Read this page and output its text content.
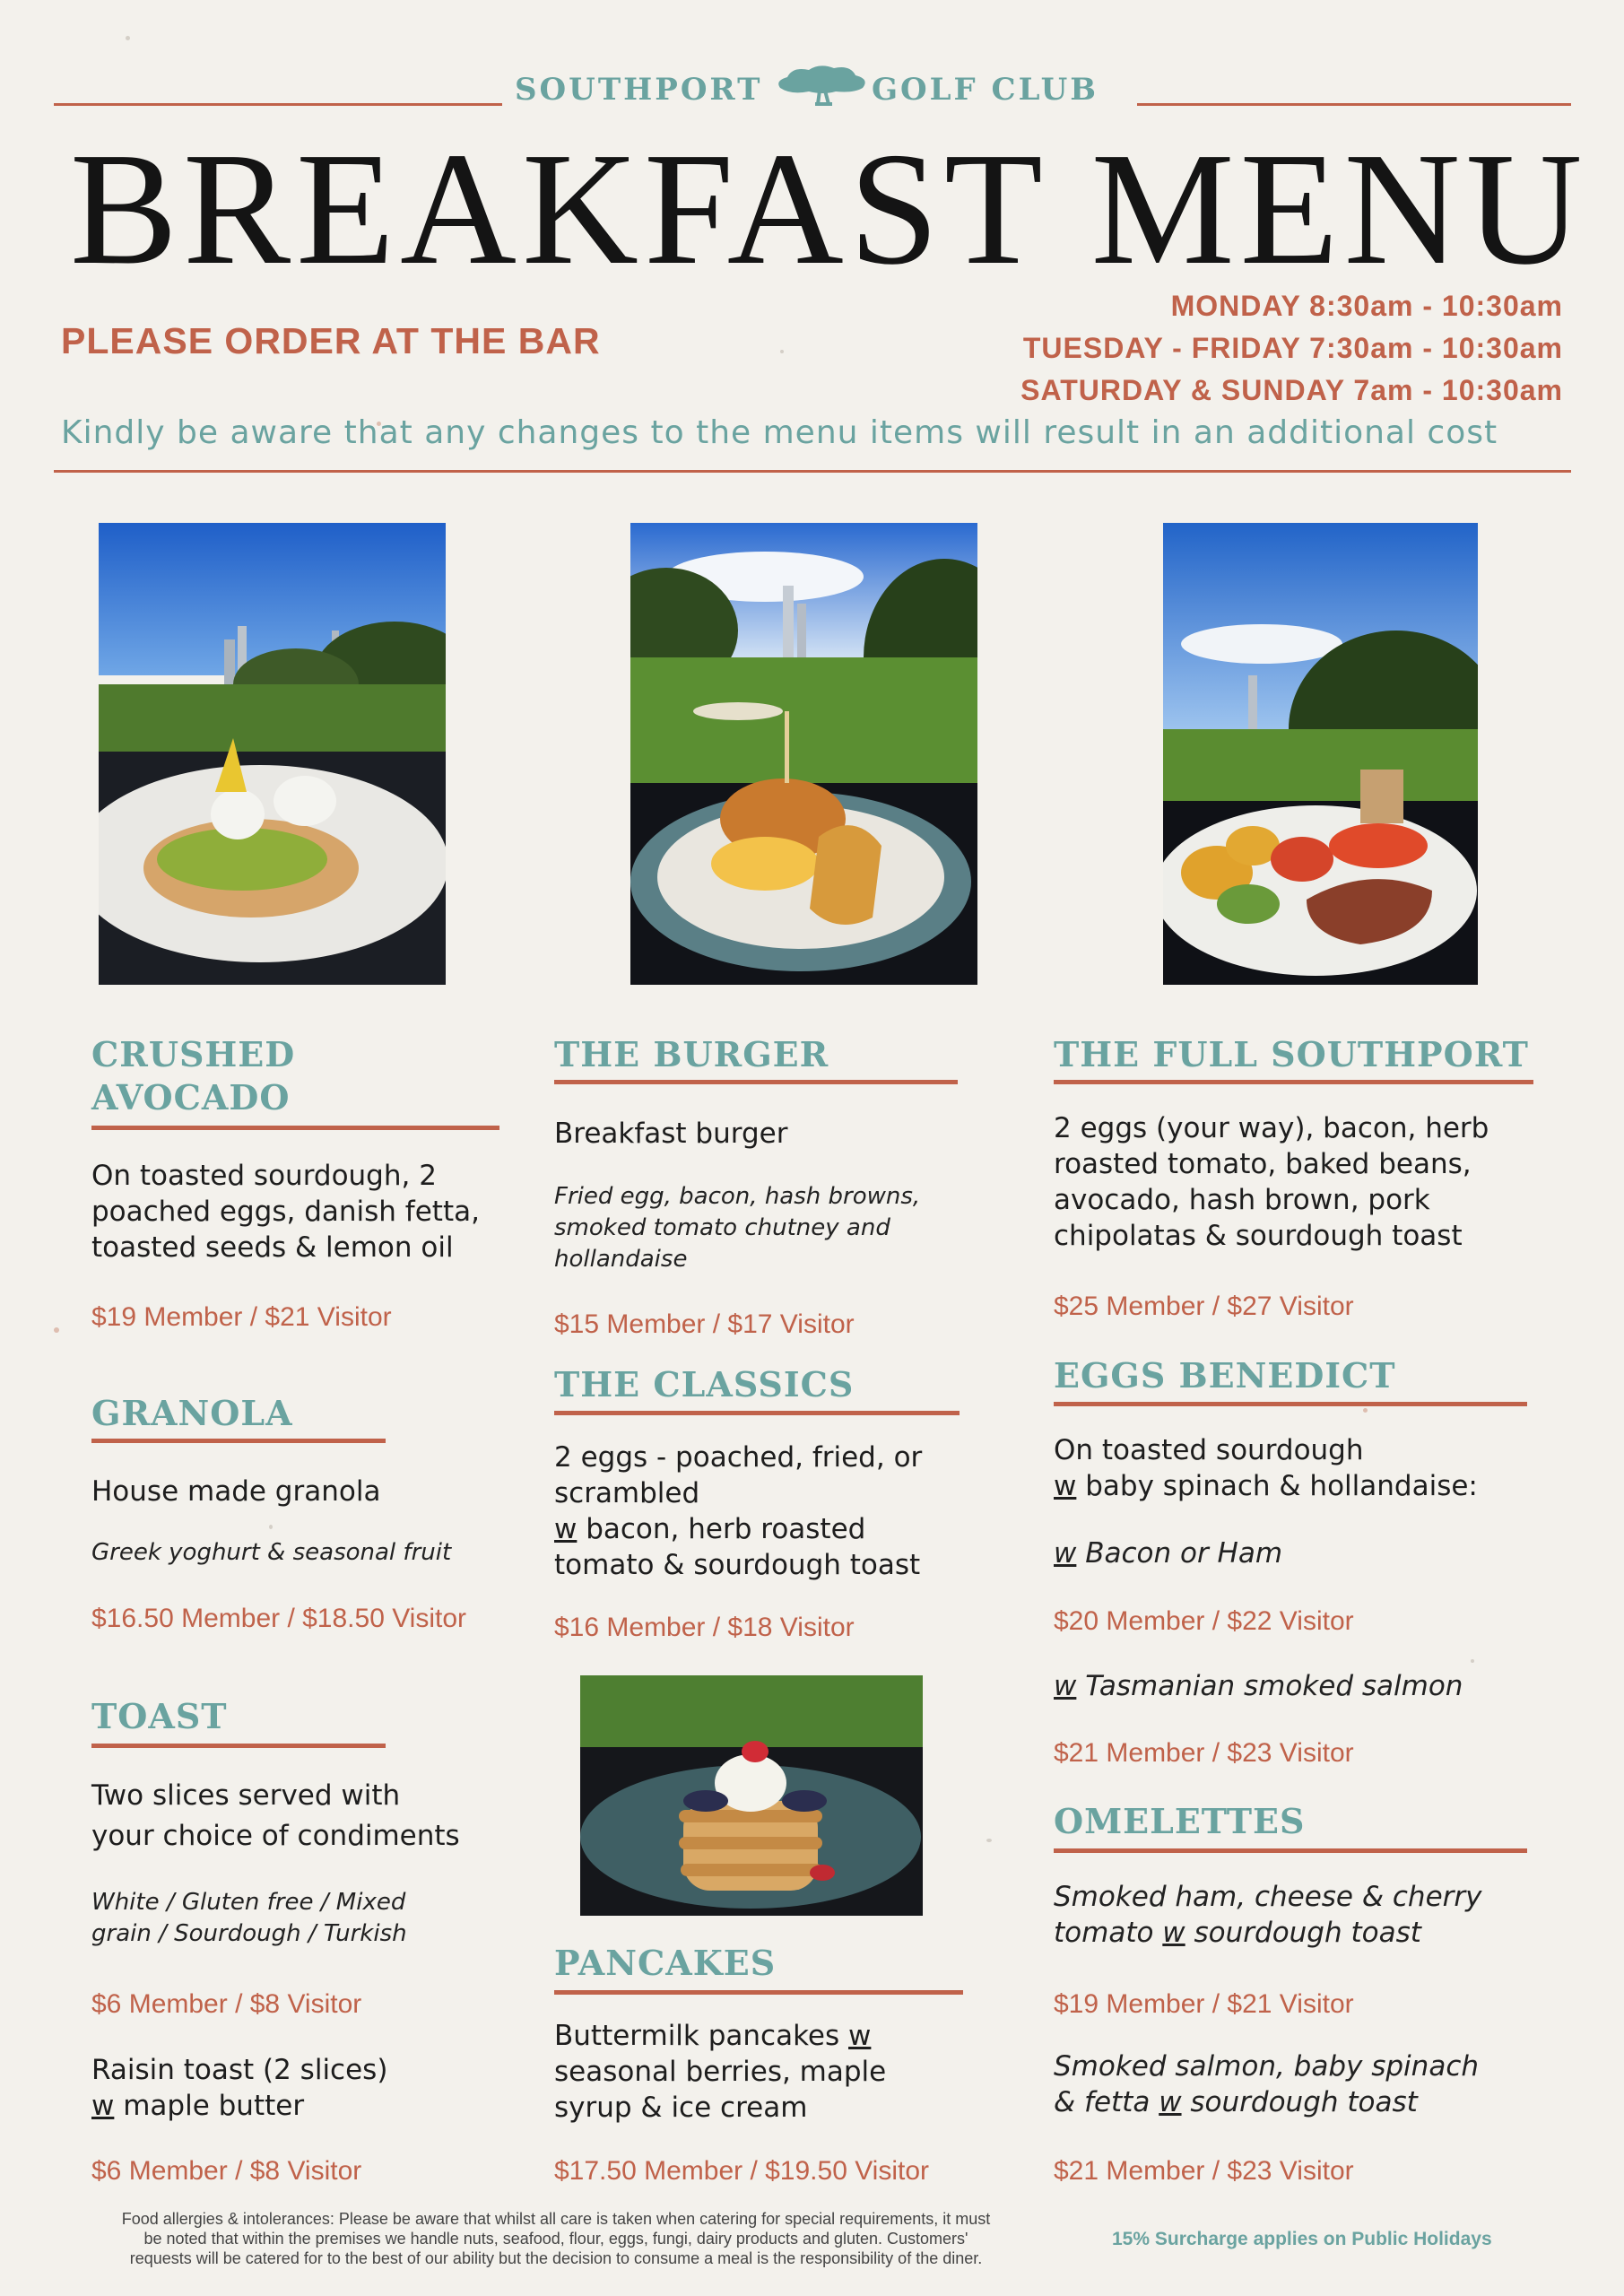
SOUTHPORT	GOLF CLUB
BREAKFAST MENU
PLEASE ORDER AT THE BAR
MONDAY 8:30am - 10:30am
TUESDAY - FRIDAY 7:30am - 10:30am
SATURDAY & SUNDAY 7am - 10:30am
Kindly be aware that any changes to the menu items will result in an additional cost
CRUSHED
AVOCADO
On toasted sourdough, 2
poached eggs, danish fetta,
toasted seeds & lemon oil
$19 Member / $21 Visitor
GRANOLA
House made granola
Greek yoghurt & seasonal fruit
$16.50 Member / $18.50 Visitor
TOAST
Two slices served with
your choice of condiments
White / Gluten free / Mixed
grain / Sourdough / Turkish
$6 Member / $8 Visitor
Raisin toast (2 slices)
w maple butter
$6 Member / $8 Visitor
THE BURGER
Breakfast burger
Fried egg, bacon, hash browns,
smoked tomato chutney and
hollandaise
$15 Member / $17 Visitor
THE CLASSICS
2 eggs - poached, fried, or
scrambled
w bacon, herb roasted
tomato & sourdough toast
$16 Member / $18 Visitor
PANCAKES
Buttermilk pancakes w
seasonal berries, maple
syrup & ice cream
$17.50 Member / $19.50 Visitor
THE FULL SOUTHPORT
2 eggs (your way), bacon, herb
roasted tomato, baked beans,
avocado, hash brown, pork
chipolatas & sourdough toast
$25 Member / $27 Visitor
EGGS BENEDICT
On toasted sourdough
w baby spinach & hollandaise:
w Bacon or Ham
$20 Member / $22 Visitor
w Tasmanian smoked salmon
$21 Member / $23 Visitor
OMELETTES
Smoked ham, cheese & cherry
tomato w sourdough toast
$19 Member / $21 Visitor
Smoked salmon, baby spinach
& fetta w sourdough toast
$21 Member / $23 Visitor
Food allergies & intolerances: Please be aware that whilst all care is taken when catering for special requirements, it must
be noted that within the premises we handle nuts, seafood, flour, eggs, fungi, dairy products and gluten. Customers'
requests will be catered for to the best of our ability but the decision to consume a meal is the responsibility of the diner.
15% Surcharge applies on Public Holidays
